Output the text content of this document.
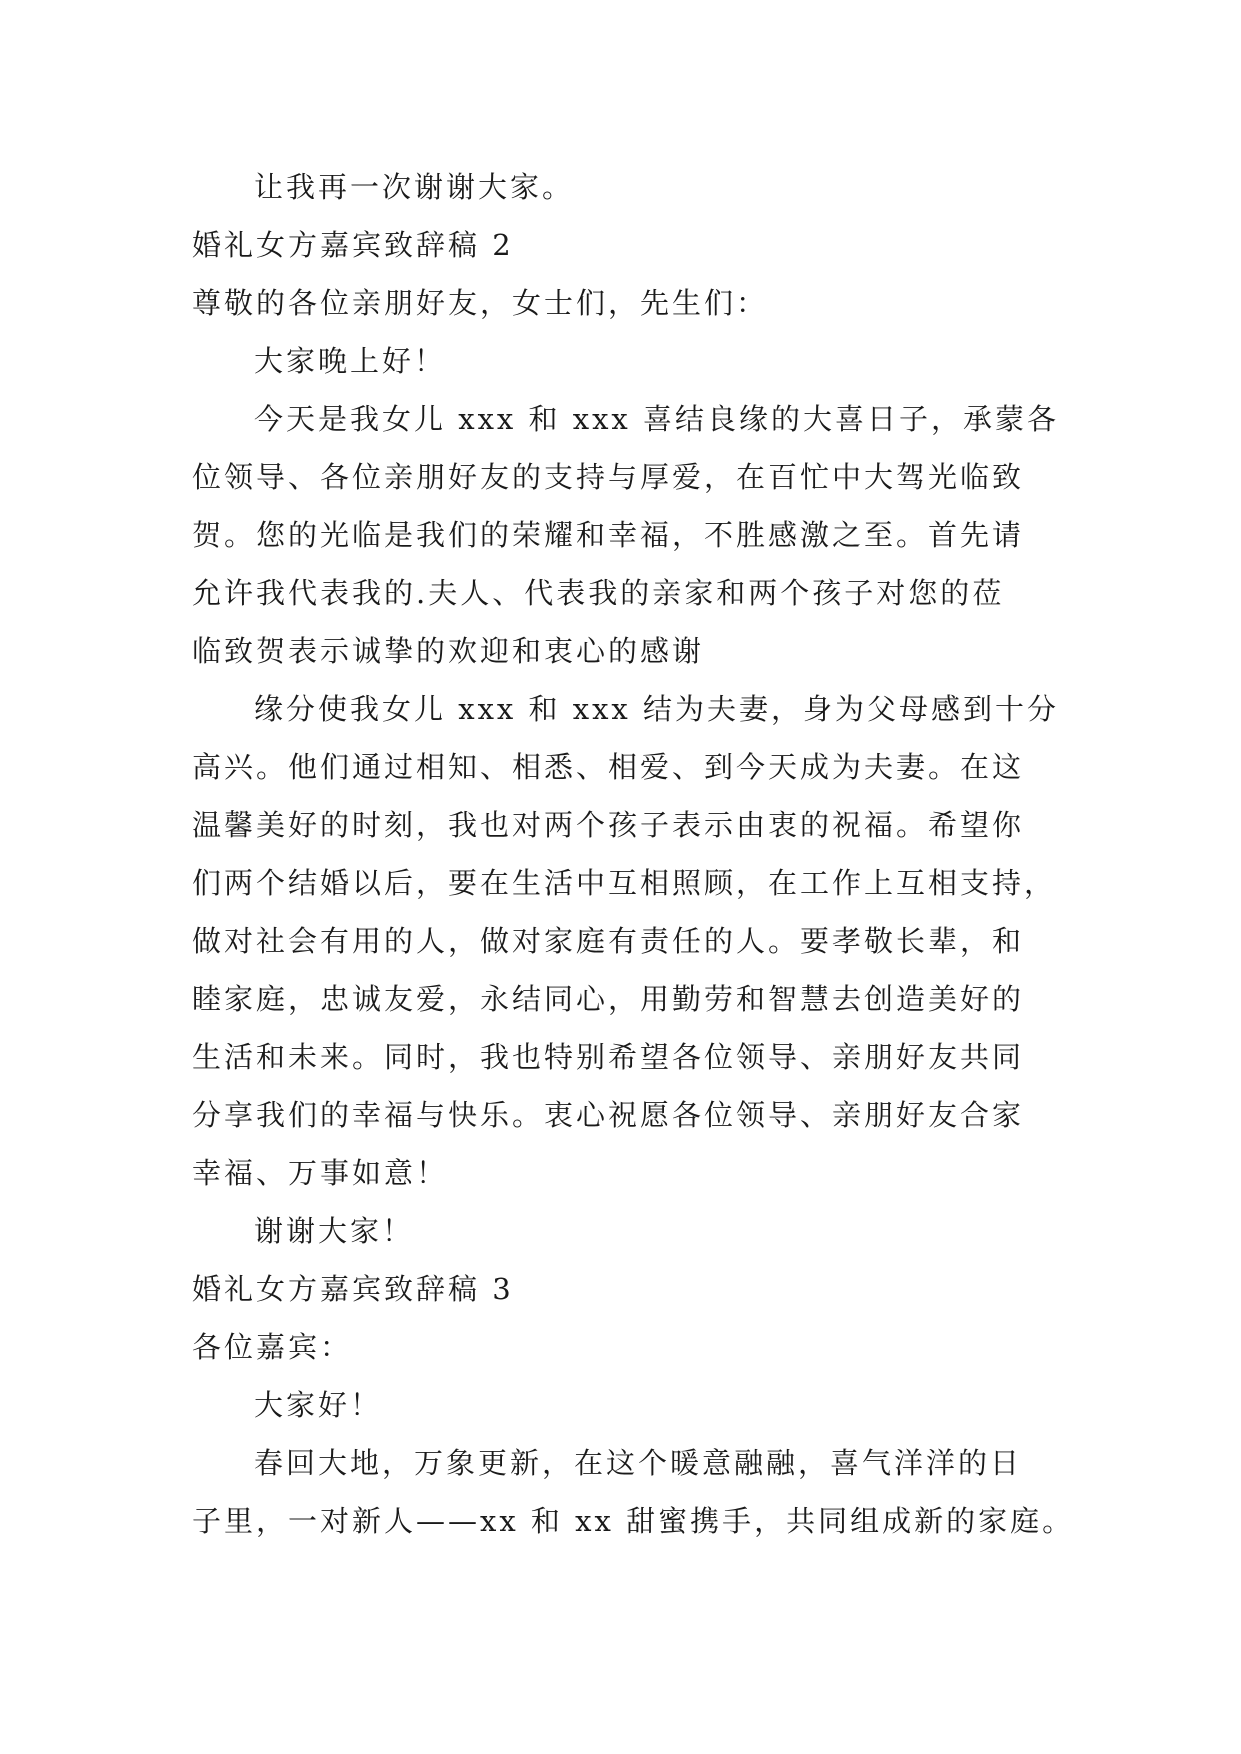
让我再一次谢谢大家。
婚礼女方嘉宾致辞稿 2
尊敬的各位亲朋好友，女士们，先生们：
大家晚上好！
今天是我女儿 xxx 和 xxx 喜结良缘的大喜日子，承蒙各
位领导、各位亲朋好友的支持与厚爱，在百忙中大驾光临致
贺。您的光临是我们的荣耀和幸福，不胜感激之至。首先请
允许我代表我的.夫人、代表我的亲家和两个孩子对您的莅
临致贺表示诚挚的欢迎和衷心的感谢
缘分使我女儿 xxx 和 xxx 结为夫妻，身为父母感到十分
高兴。他们通过相知、相悉、相爱、到今天成为夫妻。在这
温馨美好的时刻，我也对两个孩子表示由衷的祝福。希望你
们两个结婚以后，要在生活中互相照顾，在工作上互相支持，
做对社会有用的人，做对家庭有责任的人。要孝敬长辈，和
睦家庭，忠诚友爱，永结同心，用勤劳和智慧去创造美好的
生活和未来。同时，我也特别希望各位领导、亲朋好友共同
分享我们的幸福与快乐。衷心祝愿各位领导、亲朋好友合家
幸福、万事如意！
谢谢大家！
婚礼女方嘉宾致辞稿 3
各位嘉宾：
大家好！
春回大地，万象更新，在这个暖意融融，喜气洋洋的日
子里，一对新人——xx 和 xx 甜蜜携手，共同组成新的家庭。
